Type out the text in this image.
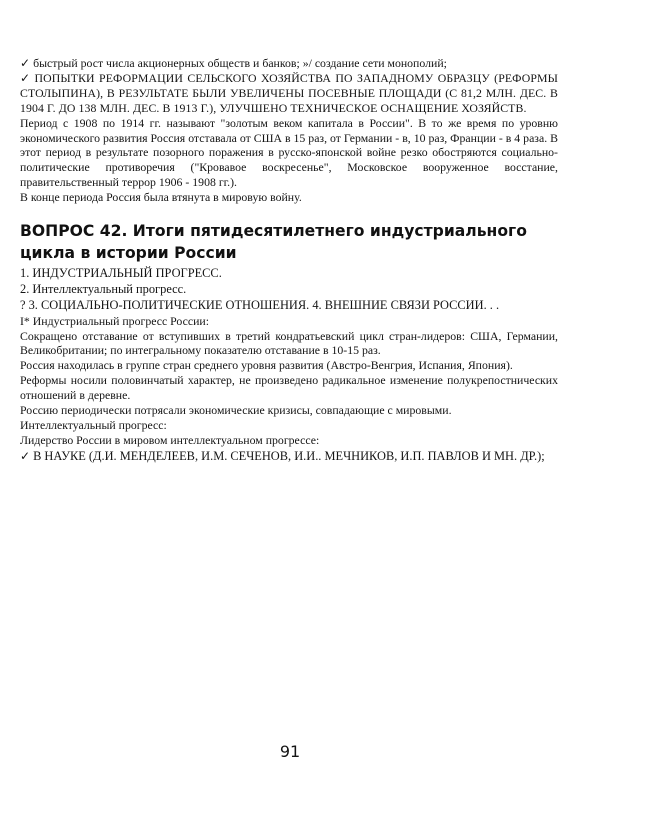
✓ быстрый рост числа акционерных обществ и банков; »/ создание сети монополий;

✓ ПОПЫТКИ РЕФОРМАЦИИ СЕЛЬСКОГО ХОЗЯЙСТВА ПО ЗАПАДНОМУ ОБРАЗЦУ (РЕФОРМЫ СТОЛЫПИНА), В РЕЗУЛЬТАТЕ БЫЛИ УВЕЛИЧЕНЫ ПОСЕВНЫЕ ПЛОЩАДИ (С 81,2 МЛН. ДЕС. В 1904 Г. ДО 138 МЛН. ДЕС. В 1913 Г.), УЛУЧШЕНО ТЕХНИЧЕСКОЕ ОСНАЩЕНИЕ ХОЗЯЙСТВ.

Период с 1908 по 1914 гг. называют "золотым веком капитала в России". В то же время по уровню экономического развития Россия отставала от США в 15 раз, от Германии - в, 10 раз, Франции - в 4 раза. В этот период в результате позорного поражения в русско-японской войне резко обостряются социально-политические противоречия ("Кровавое воскресенье", Московское вооруженное восстание, правительственный террор 1906 - 1908 гг.).

В конце периода Россия была втянута в мировую войну.

ВОПРОС 42. Итоги пятидесятилетнего индустриального цикла в истории России

1. ИНДУСТРИАЛЬНЫЙ ПРОГРЕСС.

2. Интеллектуальный прогресс.

? 3. СОЦИАЛЬНО-ПОЛИТИЧЕСКИЕ ОТНОШЕНИЯ. 4. ВНЕШНИЕ СВЯЗИ РОССИИ. . .

I* Индустриальный прогресс России:

Сокращено отставание от вступивших в третий кондратьевский цикл стран-лидеров: США, Германии, Великобритании; по интегральному показателю отставание в 10-15 раз.

Россия находилась в группе стран среднего уровня развития (Австро-Венгрия, Испания, Япония).

Реформы носили половинчатый характер, не произведено радикальное изменение полукрепостнических отношений в деревне.

Россию периодически потрясали экономические кризисы, совпадающие с мировыми.

Интеллектуальный прогресс:

Лидерство России в мировом интеллектуальном прогрессе:

✓ В НАУКЕ (Д.И. МЕНДЕЛЕЕВ, И.М. СЕЧЕНОВ, И.И.. МЕЧНИКОВ, И.П. ПАВЛОВ И МН. ДР.);

91
